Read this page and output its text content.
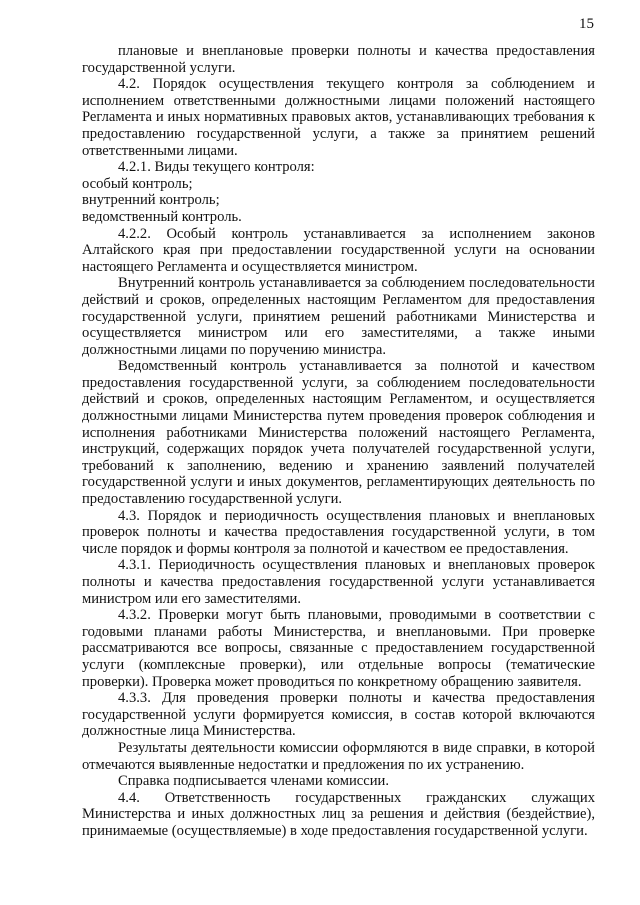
15

плановые и внеплановые проверки полноты и качества предоставления государственной услуги.

4.2. Порядок осуществления текущего контроля за соблюдением и исполнением ответственными должностными лицами положений настоящего Регламента и иных нормативных правовых актов, устанавливающих требования к предоставлению государственной услуги, а также за принятием решений ответственными лицами.

4.2.1. Виды текущего контроля:

особый контроль;

внутренний контроль;

ведомственный контроль.

4.2.2. Особый контроль устанавливается за исполнением законов Алтайского края при предоставлении государственной услуги на основании настоящего Регламента и осуществляется министром.

Внутренний контроль устанавливается за соблюдением последовательности действий и сроков, определенных настоящим Регламентом для предоставления государственной услуги, принятием решений работниками Министерства и осуществляется министром или его заместителями, а также иными должностными лицами по поручению министра.

Ведомственный контроль устанавливается за полнотой и качеством предоставления государственной услуги, за соблюдением последовательности действий и сроков, определенных настоящим Регламентом, и осуществляется должностными лицами Министерства путем проведения проверок соблюдения и исполнения работниками Министерства положений настоящего Регламента, инструкций, содержащих порядок учета получателей государственной услуги, требований к заполнению, ведению и хранению заявлений получателей государственной услуги и иных документов, регламентирующих деятельность по предоставлению государственной услуги.

4.3. Порядок и периодичность осуществления плановых и внеплановых проверок полноты и качества предоставления государственной услуги, в том числе порядок и формы контроля за полнотой и качеством ее предоставления.

4.3.1. Периодичность осуществления плановых и внеплановых проверок полноты и качества предоставления государственной услуги устанавливается министром или его заместителями.

4.3.2. Проверки могут быть плановыми, проводимыми в соответствии с годовыми планами работы Министерства, и внеплановыми. При проверке рассматриваются все вопросы, связанные с предоставлением государственной услуги (комплексные проверки), или отдельные вопросы (тематические проверки). Проверка может проводиться по конкретному обращению заявителя.

4.3.3. Для проведения проверки полноты и качества предоставления государственной услуги формируется комиссия, в состав которой включаются должностные лица Министерства.

Результаты деятельности комиссии оформляются в виде справки, в которой отмечаются выявленные недостатки и предложения по их устранению.

Справка подписывается членами комиссии.

4.4. Ответственность государственных гражданских служащих Министерства и иных должностных лиц за решения и действия (бездействие), принимаемые (осуществляемые) в ходе предоставления государственной услуги.
